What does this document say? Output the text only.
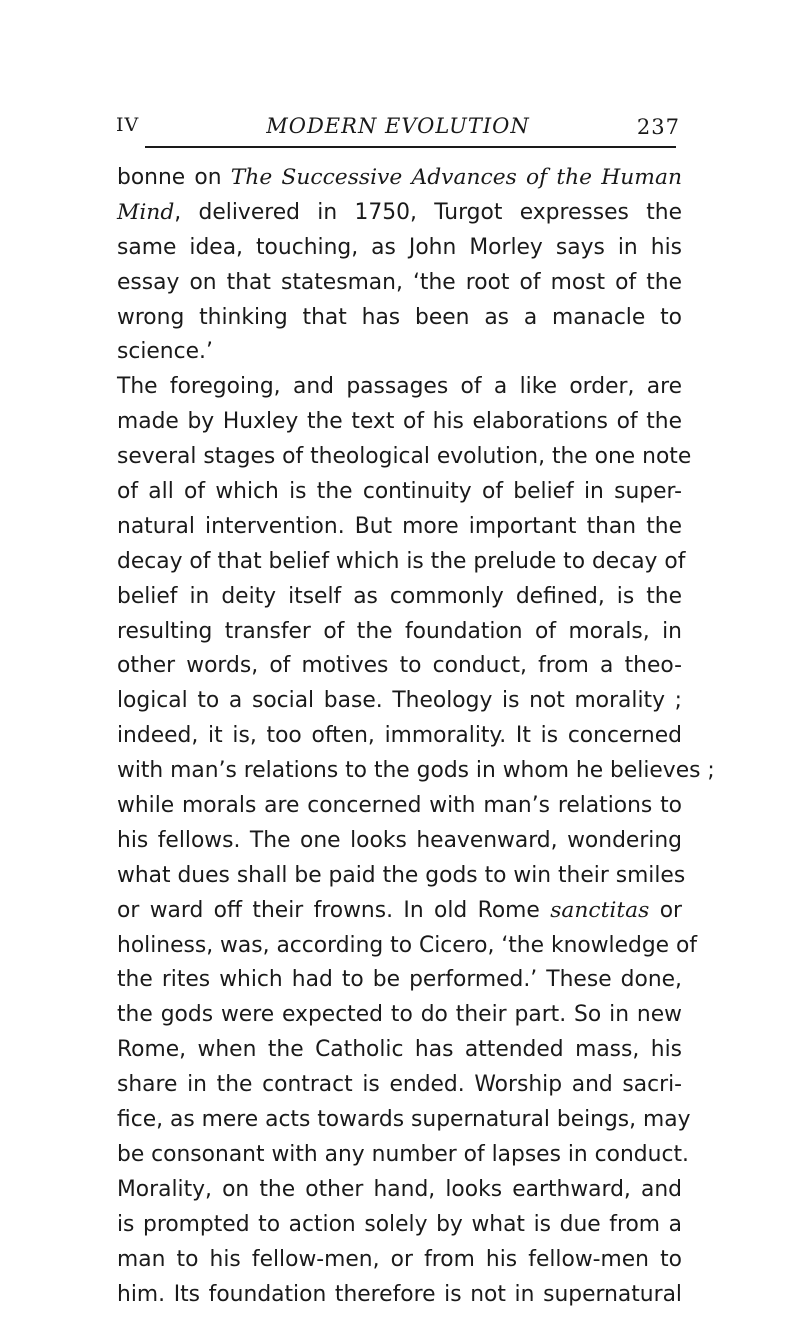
IV	MODERN EVOLUTION	237
bonne on The Successive Advances of the Human
Mind, delivered in 1750, Turgot expresses the
same idea, touching, as John Morley says in his
essay on that statesman, ‘the root of most of the
wrong thinking that has been as a manacle to
science.’
The foregoing, and passages of a like order, are
made by Huxley the text of his elaborations of the
several stages of theological evolution, the one note
of all of which is the continuity of belief in super-
natural intervention. But more important than the
decay of that belief which is the prelude to decay of
belief in deity itself as commonly defined, is the
resulting transfer of the foundation of morals, in
other words, of motives to conduct, from a theo-
logical to a social base. Theology is not morality ;
indeed, it is, too often, immorality. It is concerned
with man’s relations to the gods in whom he believes ;
while morals are concerned with man’s relations to
his fellows. The one looks heavenward, wondering
what dues shall be paid the gods to win their smiles
or ward off their frowns. In old Rome sanctitas or
holiness, was, according to Cicero, ‘the knowledge of
the rites which had to be performed.’ These done,
the gods were expected to do their part. So in new
Rome, when the Catholic has attended mass, his
share in the contract is ended. Worship and sacri-
fice, as mere acts towards supernatural beings, may
be consonant with any number of lapses in conduct.
Morality, on the other hand, looks earthward, and
is prompted to action solely by what is due from a
man to his fellow-men, or from his fellow-men to
him. Its foundation therefore is not in supernatural
